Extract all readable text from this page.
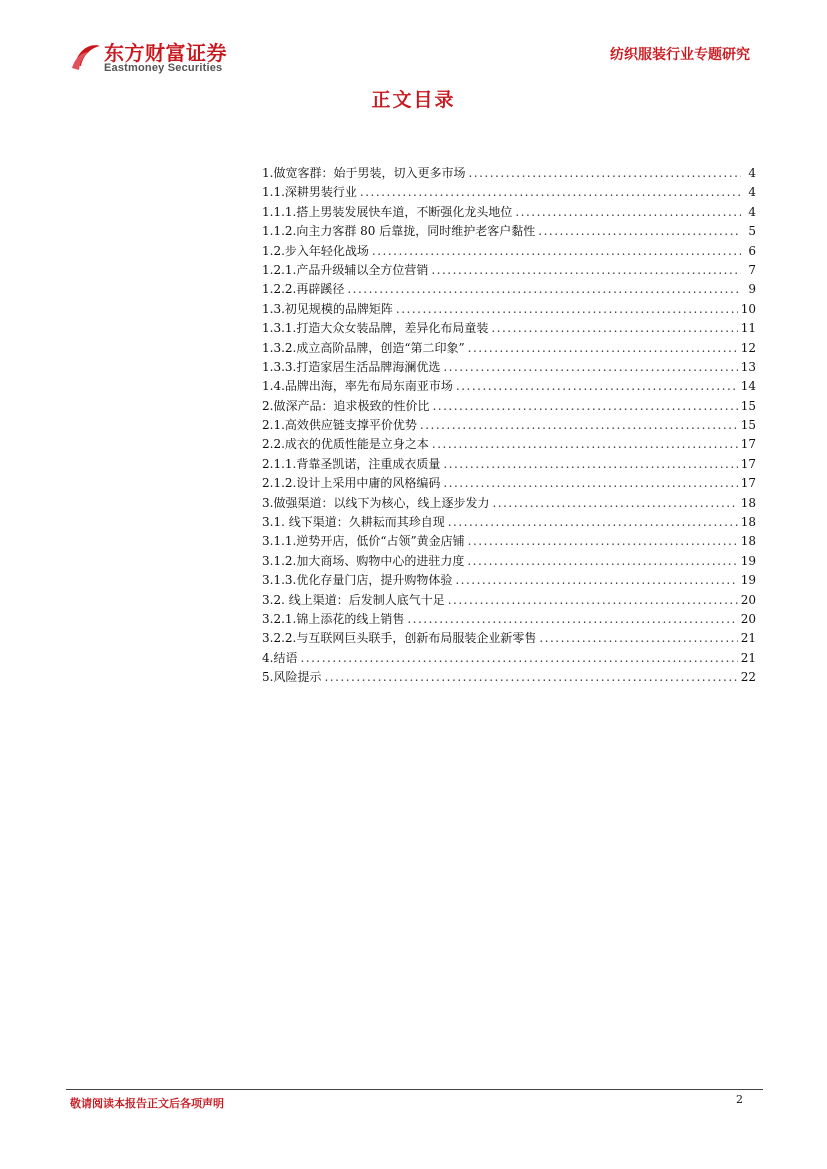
东方财富证券
Eastmoney Securities
纺织服装行业专题研究
正文目录
1.做宽客群：始于男装，切入更多市场 .....	4
1.1.深耕男装行业 .....	4
1.1.1.搭上男装发展快车道，不断强化龙头地位 .....	4
1.1.2.向主力客群 80 后靠拢，同时维护老客户黏性 .....	5
1.2.步入年轻化战场 .....	6
1.2.1.产品升级辅以全方位营销 .....	7
1.2.2.再辟蹊径 .....	9
1.3.初见规模的品牌矩阵 .....	10
1.3.1.打造大众女装品牌，差异化布局童装 .....	11
1.3.2.成立高阶品牌，创造“第二印象” .....	12
1.3.3.打造家居生活品牌海澜优选 .....	13
1.4.品牌出海，率先布局东南亚市场 .....	14
2.做深产品：追求极致的性价比 .....	15
2.1.高效供应链支撑平价优势 .....	15
2.2.成衣的优质性能是立身之本 .....	17
2.1.1.背靠圣凯诺，注重成衣质量 .....	17
2.1.2.设计上采用中庸的风格编码 .....	17
3.做强渠道：以线下为核心，线上逐步发力 .....	18
3.1. 线下渠道：久耕耘而其珍自现 .....	18
3.1.1.逆势开店，低价“占领”黄金店铺 .....	18
3.1.2.加大商场、购物中心的进驻力度 .....	19
3.1.3.优化存量门店，提升购物体验 .....	19
3.2. 线上渠道：后发制人底气十足 .....	20
3.2.1.锦上添花的线上销售 .....	20
3.2.2.与互联网巨头联手，创新布局服装企业新零售 .....	21
4.结语 .....	21
5.风险提示 .....	22
敬请阅读本报告正文后各项声明	2
